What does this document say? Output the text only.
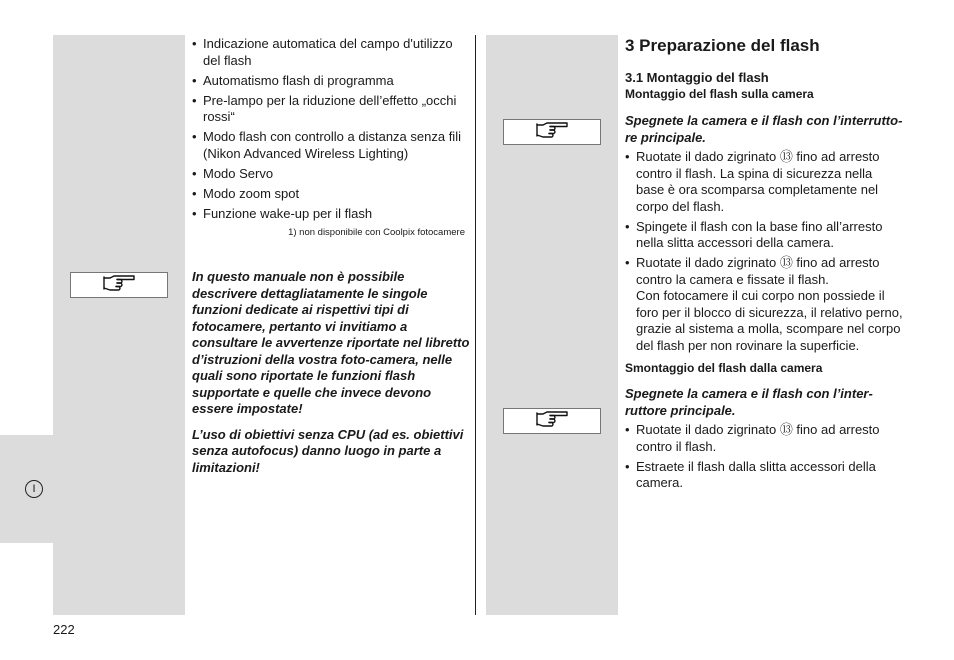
I
• Indicazione automatica del campo d'utilizzo del flash
• Automatismo flash di programma
• Pre-lampo per la riduzione dell’effetto „occhi rossi“
• Modo flash con controllo a distanza senza fili (Nikon Advanced Wireless Lighting)
• Modo Servo
• Modo zoom spot
• Funzione wake-up per il flash
1) non disponibile con Coolpix fotocamere

In questo manuale non è possibile descrivere dettagliatamente le singole funzioni dedicate ai rispettivi tipi di fotocamere, pertanto vi invitiamo a consultare le avvertenze riportate nel libretto d’istruzioni della vostra foto-camera, nelle quali sono riportate le funzioni flash supportate e quelle che invece devono essere impostate!

L’uso di obiettivi senza CPU (ad es. obiettivi senza autofocus) danno luogo in parte a limitazioni!

222
3 Preparazione del flash
3.1 Montaggio del flash
Montaggio del flash sulla camera

Spegnete la camera e il flash con l’interrutto-re principale.

• Ruotate il dado zigrinato ⑬ fino ad arresto contro il flash. La spina di sicurezza nella base è ora scomparsa completamente nel corpo del flash.
• Spingete il flash con la base fino all’arresto nella slitta accessori della camera.
• Ruotate il dado zigrinato ⑬ fino ad arresto contro la camera e fissate il flash.
Con fotocamere il cui corpo non possiede il foro per il blocco di sicurezza, il relativo perno, grazie al sistema a molla, scompare nel corpo del flash per non rovinare la superficie.
Smontaggio del flash dalla camera

Spegnete la camera e il flash con l’inter-ruttore principale.

• Ruotate il dado zigrinato ⑬ fino ad arresto contro il flash.
• Estraete il flash dalla slitta accessori della camera.
